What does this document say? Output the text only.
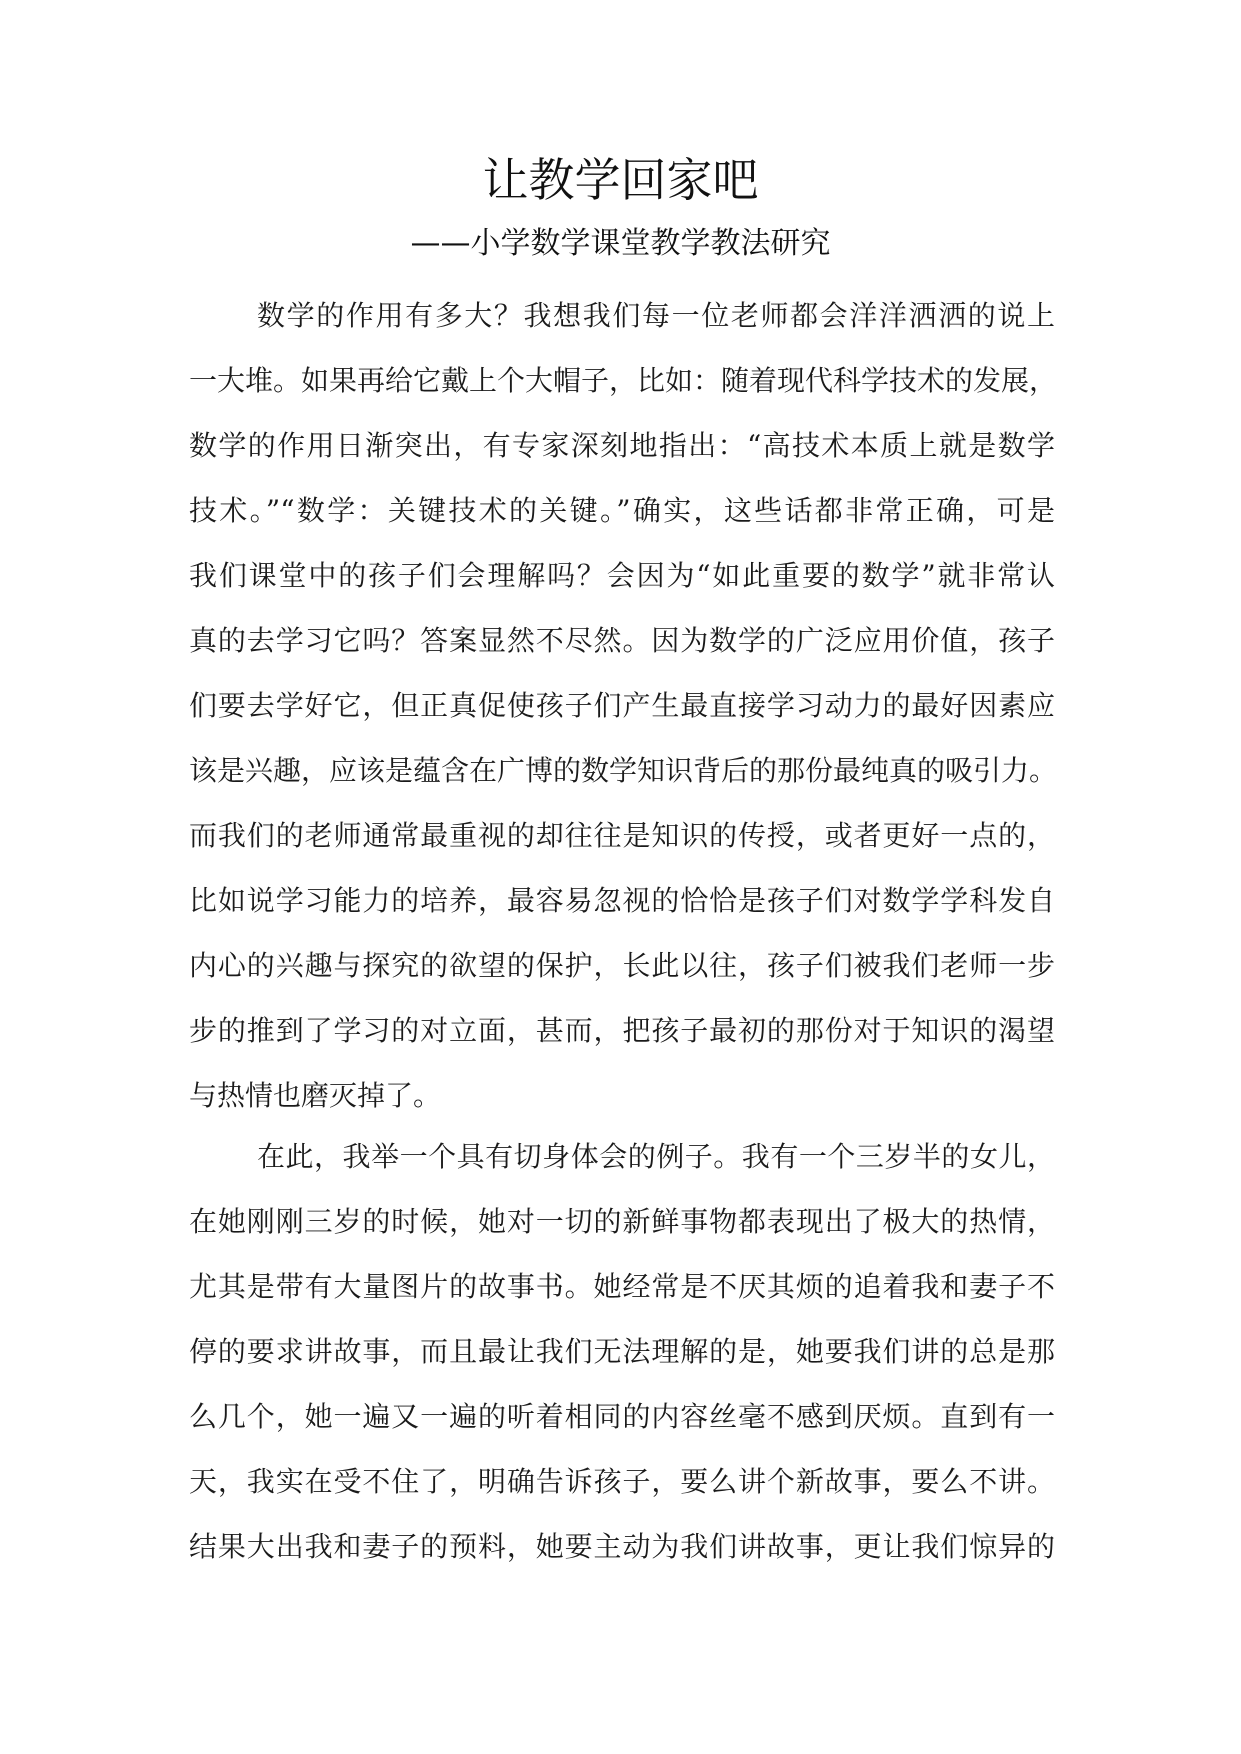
让教学回家吧
——小学数学课堂教学教法研究
数学的作用有多大？我想我们每一位老师都会洋洋洒洒的说上
一大堆。如果再给它戴上个大帽子，比如：随着现代科学技术的发展，
数学的作用日渐突出，有专家深刻地指出：“高技术本质上就是数学
技术。”“数学：关键技术的关键。”确实，这些话都非常正确，可是
我们课堂中的孩子们会理解吗？会因为“如此重要的数学”就非常认
真的去学习它吗？答案显然不尽然。因为数学的广泛应用价值，孩子
们要去学好它，但正真促使孩子们产生最直接学习动力的最好因素应
该是兴趣，应该是蕴含在广博的数学知识背后的那份最纯真的吸引力。
而我们的老师通常最重视的却往往是知识的传授，或者更好一点的，
比如说学习能力的培养，最容易忽视的恰恰是孩子们对数学学科发自
内心的兴趣与探究的欲望的保护，长此以往，孩子们被我们老师一步
步的推到了学习的对立面，甚而，把孩子最初的那份对于知识的渴望
与热情也磨灭掉了。
在此，我举一个具有切身体会的例子。我有一个三岁半的女儿，
在她刚刚三岁的时候，她对一切的新鲜事物都表现出了极大的热情，
尤其是带有大量图片的故事书。她经常是不厌其烦的追着我和妻子不
停的要求讲故事，而且最让我们无法理解的是，她要我们讲的总是那
么几个，她一遍又一遍的听着相同的内容丝毫不感到厌烦。直到有一
天，我实在受不住了，明确告诉孩子，要么讲个新故事，要么不讲。
结果大出我和妻子的预料，她要主动为我们讲故事，更让我们惊异的
